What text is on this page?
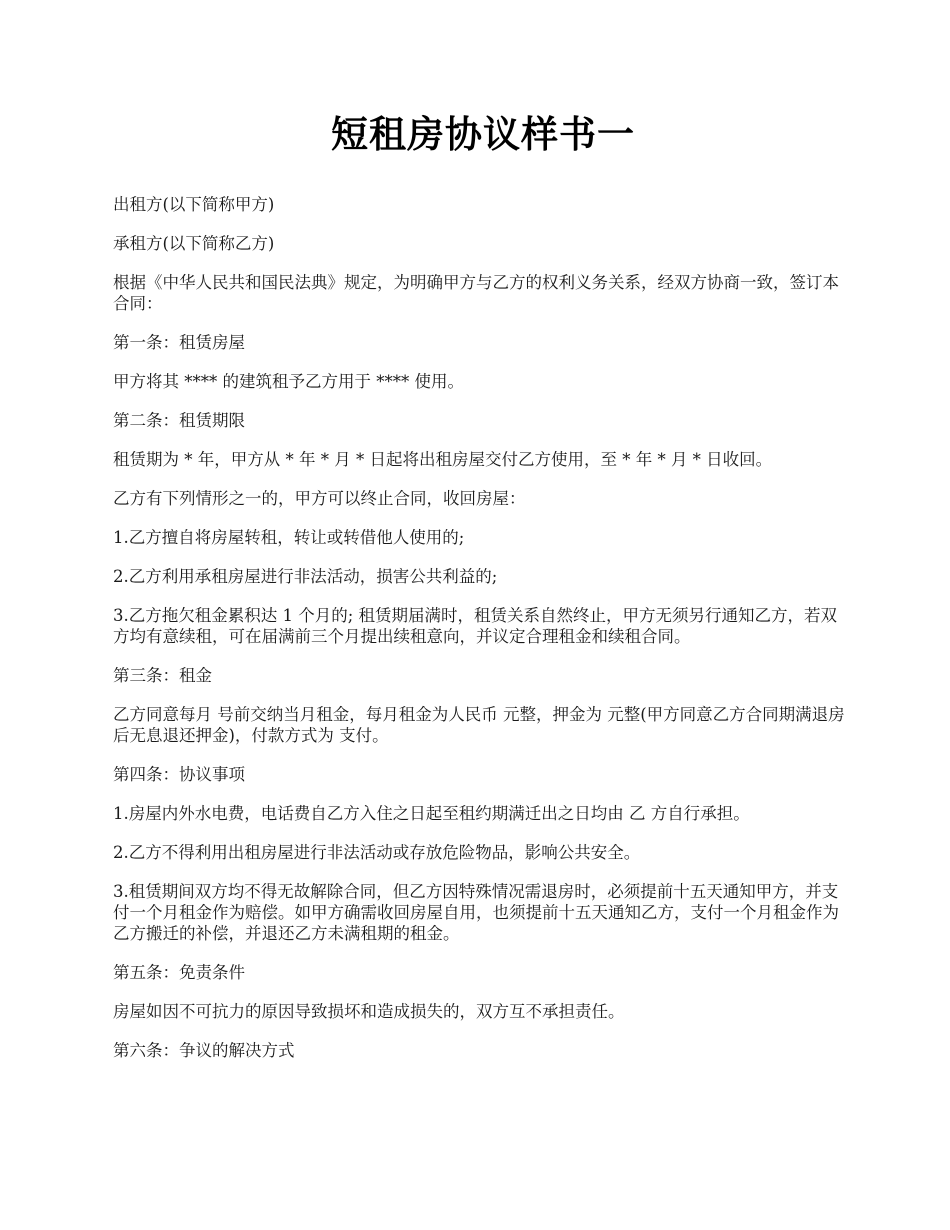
短租房协议样书一

出租方(以下简称甲方)

承租方(以下简称乙方)

根据《中华人民共和国民法典》规定，为明确甲方与乙方的权利义务关系，经双方协商一致，签订本合同：

第一条：租赁房屋

甲方将其 **** 的建筑租予乙方用于 **** 使用。

第二条：租赁期限

租赁期为 * 年，甲方从 * 年 * 月 * 日起将出租房屋交付乙方使用，至 * 年 * 月 * 日收回。

乙方有下列情形之一的，甲方可以终止合同，收回房屋：

1.乙方擅自将房屋转租，转让或转借他人使用的;

2.乙方利用承租房屋进行非法活动，损害公共利益的;

3.乙方拖欠租金累积达 1 个月的; 租赁期届满时，租赁关系自然终止，甲方无须另行通知乙方，若双方均有意续租，可在届满前三个月提出续租意向，并议定合理租金和续租合同。

第三条：租金

乙方同意每月 号前交纳当月租金，每月租金为人民币 元整，押金为 元整(甲方同意乙方合同期满退房后无息退还押金)，付款方式为 支付。

第四条：协议事项

1.房屋内外水电费，电话费自乙方入住之日起至租约期满迁出之日均由 乙 方自行承担。

2.乙方不得利用出租房屋进行非法活动或存放危险物品，影响公共安全。

3.租赁期间双方均不得无故解除合同，但乙方因特殊情况需退房时，必须提前十五天通知甲方，并支付一个月租金作为赔偿。如甲方确需收回房屋自用，也须提前十五天通知乙方，支付一个月租金作为乙方搬迁的补偿，并退还乙方未满租期的租金。

第五条：免责条件

房屋如因不可抗力的原因导致损坏和造成损失的，双方互不承担责任。

第六条：争议的解决方式
